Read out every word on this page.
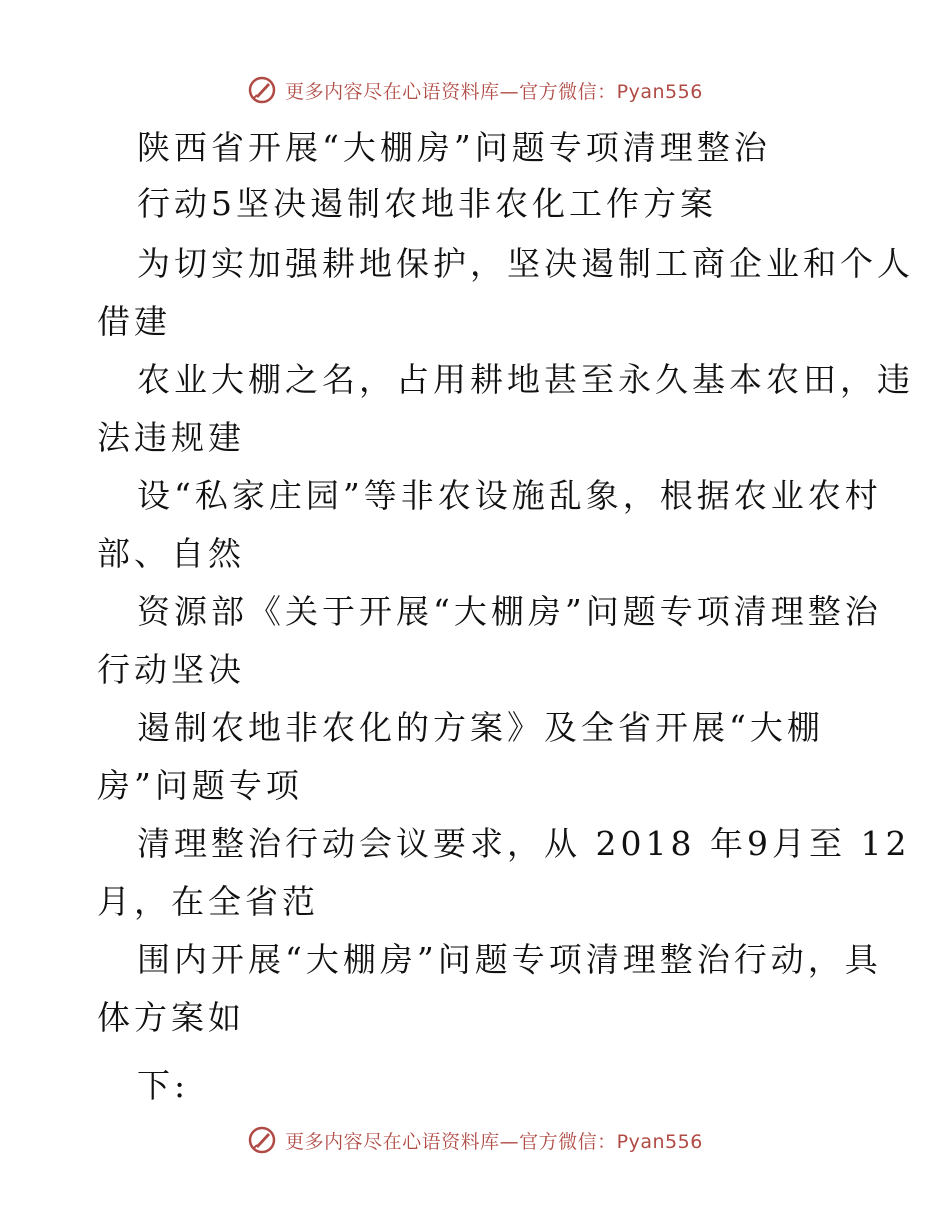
更多内容尽在心语资料库—官方微信：Pyan556
陕西省开展“大棚房”问题专项清理整治
行动5坚决遏制农地非农化工作方案
为切实加强耕地保护，坚决遏制工商企业和个人
借建
农业大棚之名，占用耕地甚至永久基本农田，违
法违规建
设“私家庄园”等非农设施乱象，根据农业农村
部、自然
资源部《关于开展“大棚房”问题专项清理整治
行动坚决
遏制农地非农化的方案》及全省开展“大棚
房”问题专项
清理整治行动会议要求，从 2018 年9月至 12
月，在全省范
围内开展“大棚房”问题专项清理整治行动，具
体方案如
下:
更多内容尽在心语资料库—官方微信：Pyan556
